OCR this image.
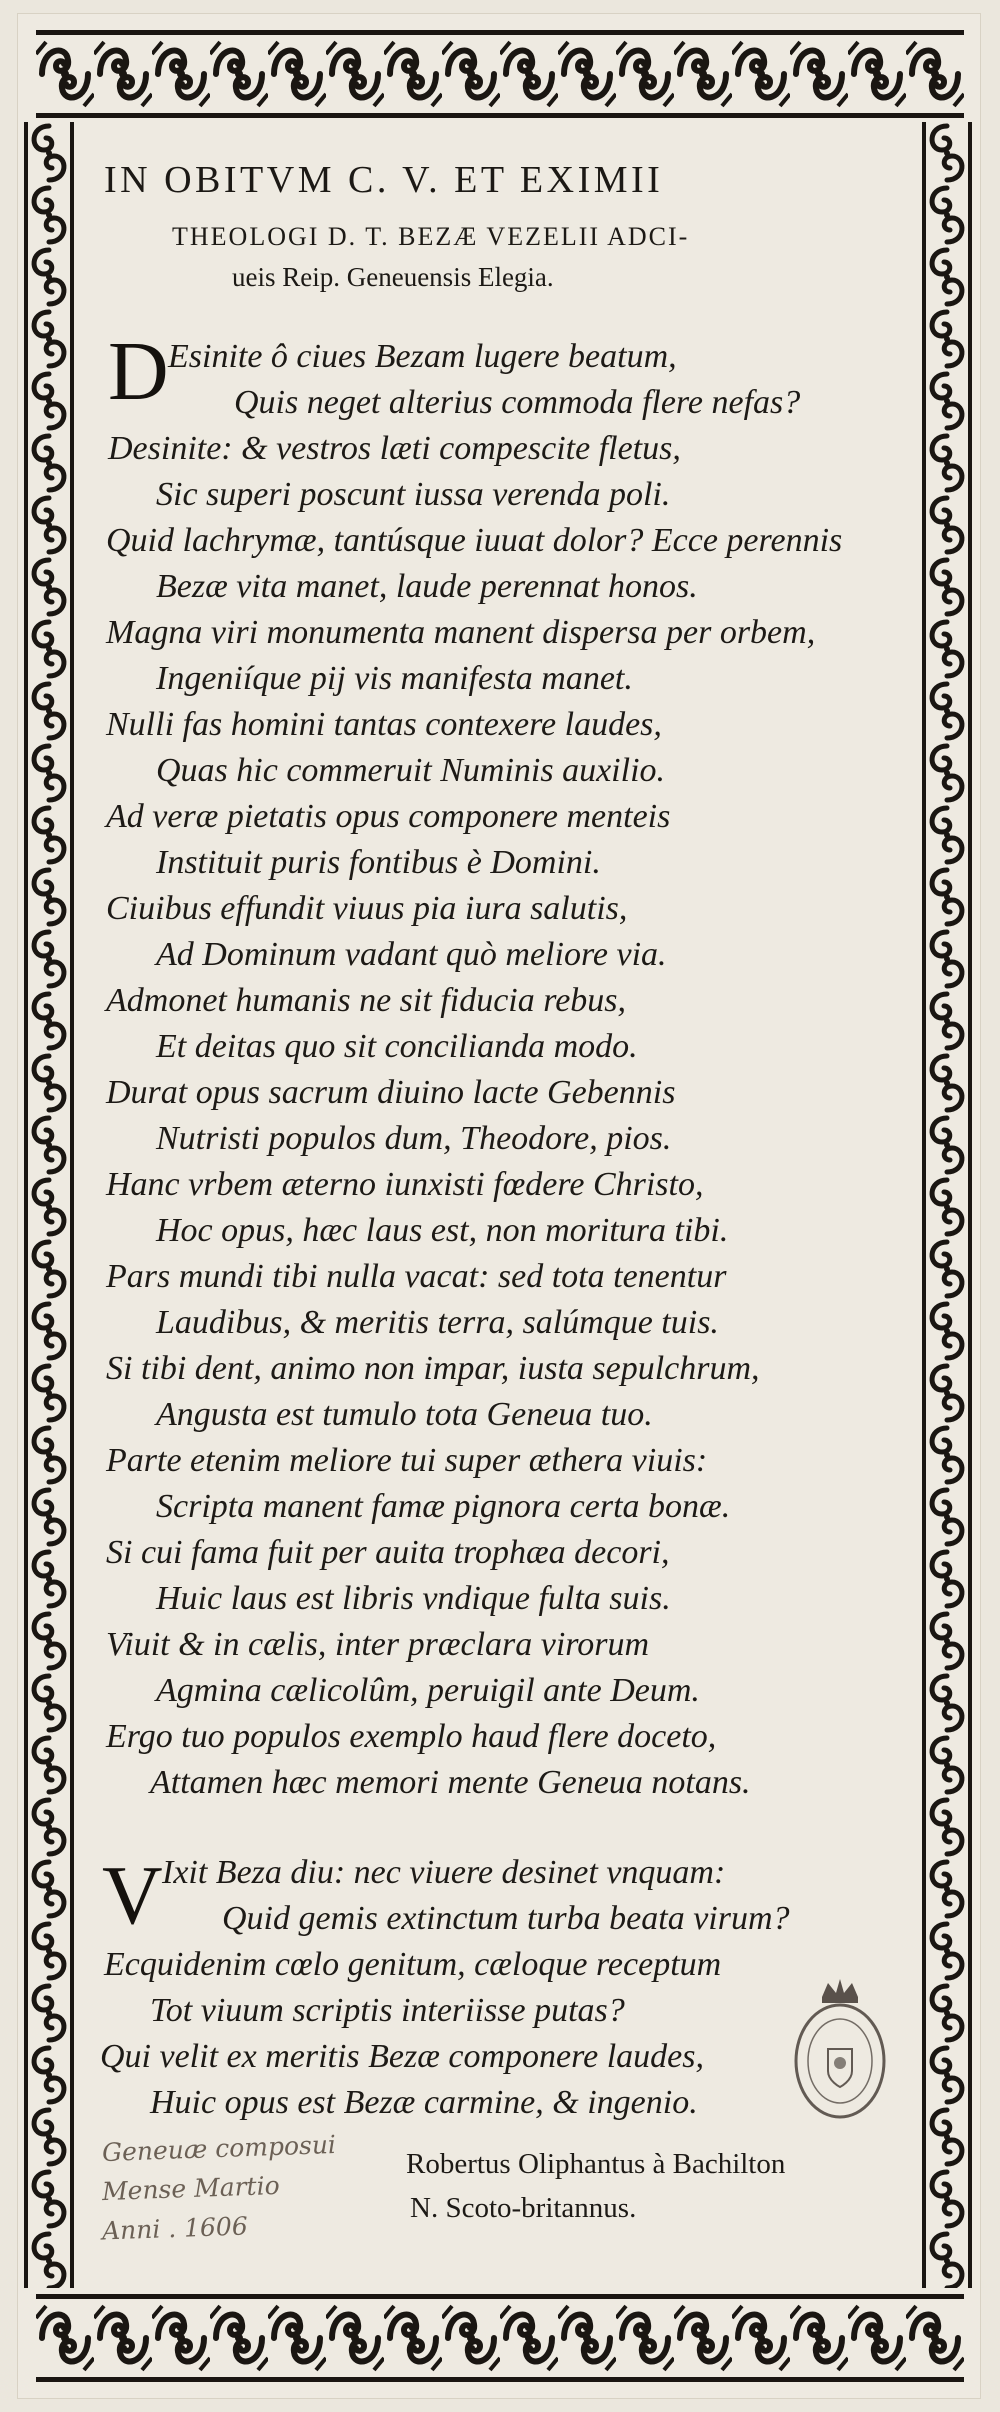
IN OBITVM C. V. ET EXIMII
THEOLOGI D. T. BEZÆ VEZELII ADCI-
ueis Reip. Geneuensis Elegia.
D Esinite ô ciues Bezam lugere beatum,
Quis neget alterius commoda flere nefas?
Desinite: & vestros læti compescite fletus,
Sic superi poscunt iussa verenda poli.
Quid lachrymæ, tantúsque iuuat dolor? Ecce perennis
Bezæ vita manet, laude perennat honos.
Magna viri monumenta manent dispersa per orbem,
Ingeniíque pij vis manifesta manet.
Nulli fas homini tantas contexere laudes,
Quas hic commeruit Numinis auxilio.
Ad veræ pietatis opus componere menteis
Instituit puris fontibus è Domini.
Ciuibus effundit viuus pia iura salutis,
Ad Dominum vadant quò meliore via.
Admonet humanis ne sit fiducia rebus,
Et deitas quo sit conciliandа modo.
Durat opus sacrum diuino lacte Gebennis
Nutristi populos dum, Theodore, pios.
Hanc vrbem æterno iunxisti fœdere Christo,
Hoc opus, hæc laus est, non moritura tibi.
Pars mundi tibi nulla vacat: sed tota tenentur
Laudibus, & meritis terra, salúmque tuis.
Si tibi dent, animo non impar, iusta sepulchrum,
Angusta est tumulo tota Geneua tuo.
Parte etenim meliore tui super æthera viuis:
Scripta manent famæ pignora certa bonæ.
Si cui fama fuit per auita trophæa decori,
Huic laus est libris vndique fulta suis.
Viuit & in cælis, inter præclara virorum
Agmina cælicolûm, peruigil ante Deum.
Ergo tuo populos exemplo haud flere doceto,
Attamen hæc memori mente Geneua notans.
V Ixit Beza diu: nec viuere desinet vnquam:
Quid gemis extinctum turba beata virum?
Ecquidenim cœlo genitum, cæloque receptum
Tot viuum scriptis interiisse putas?
Qui velit ex meritis Bezæ componere laudes,
Huic opus est Bezæ carmine, & ingenio.
Robertus Oliphantus à Bachilton
N. Scoto-britannus.
Geneuæ composui
Mense Martio
Anni . 1606
